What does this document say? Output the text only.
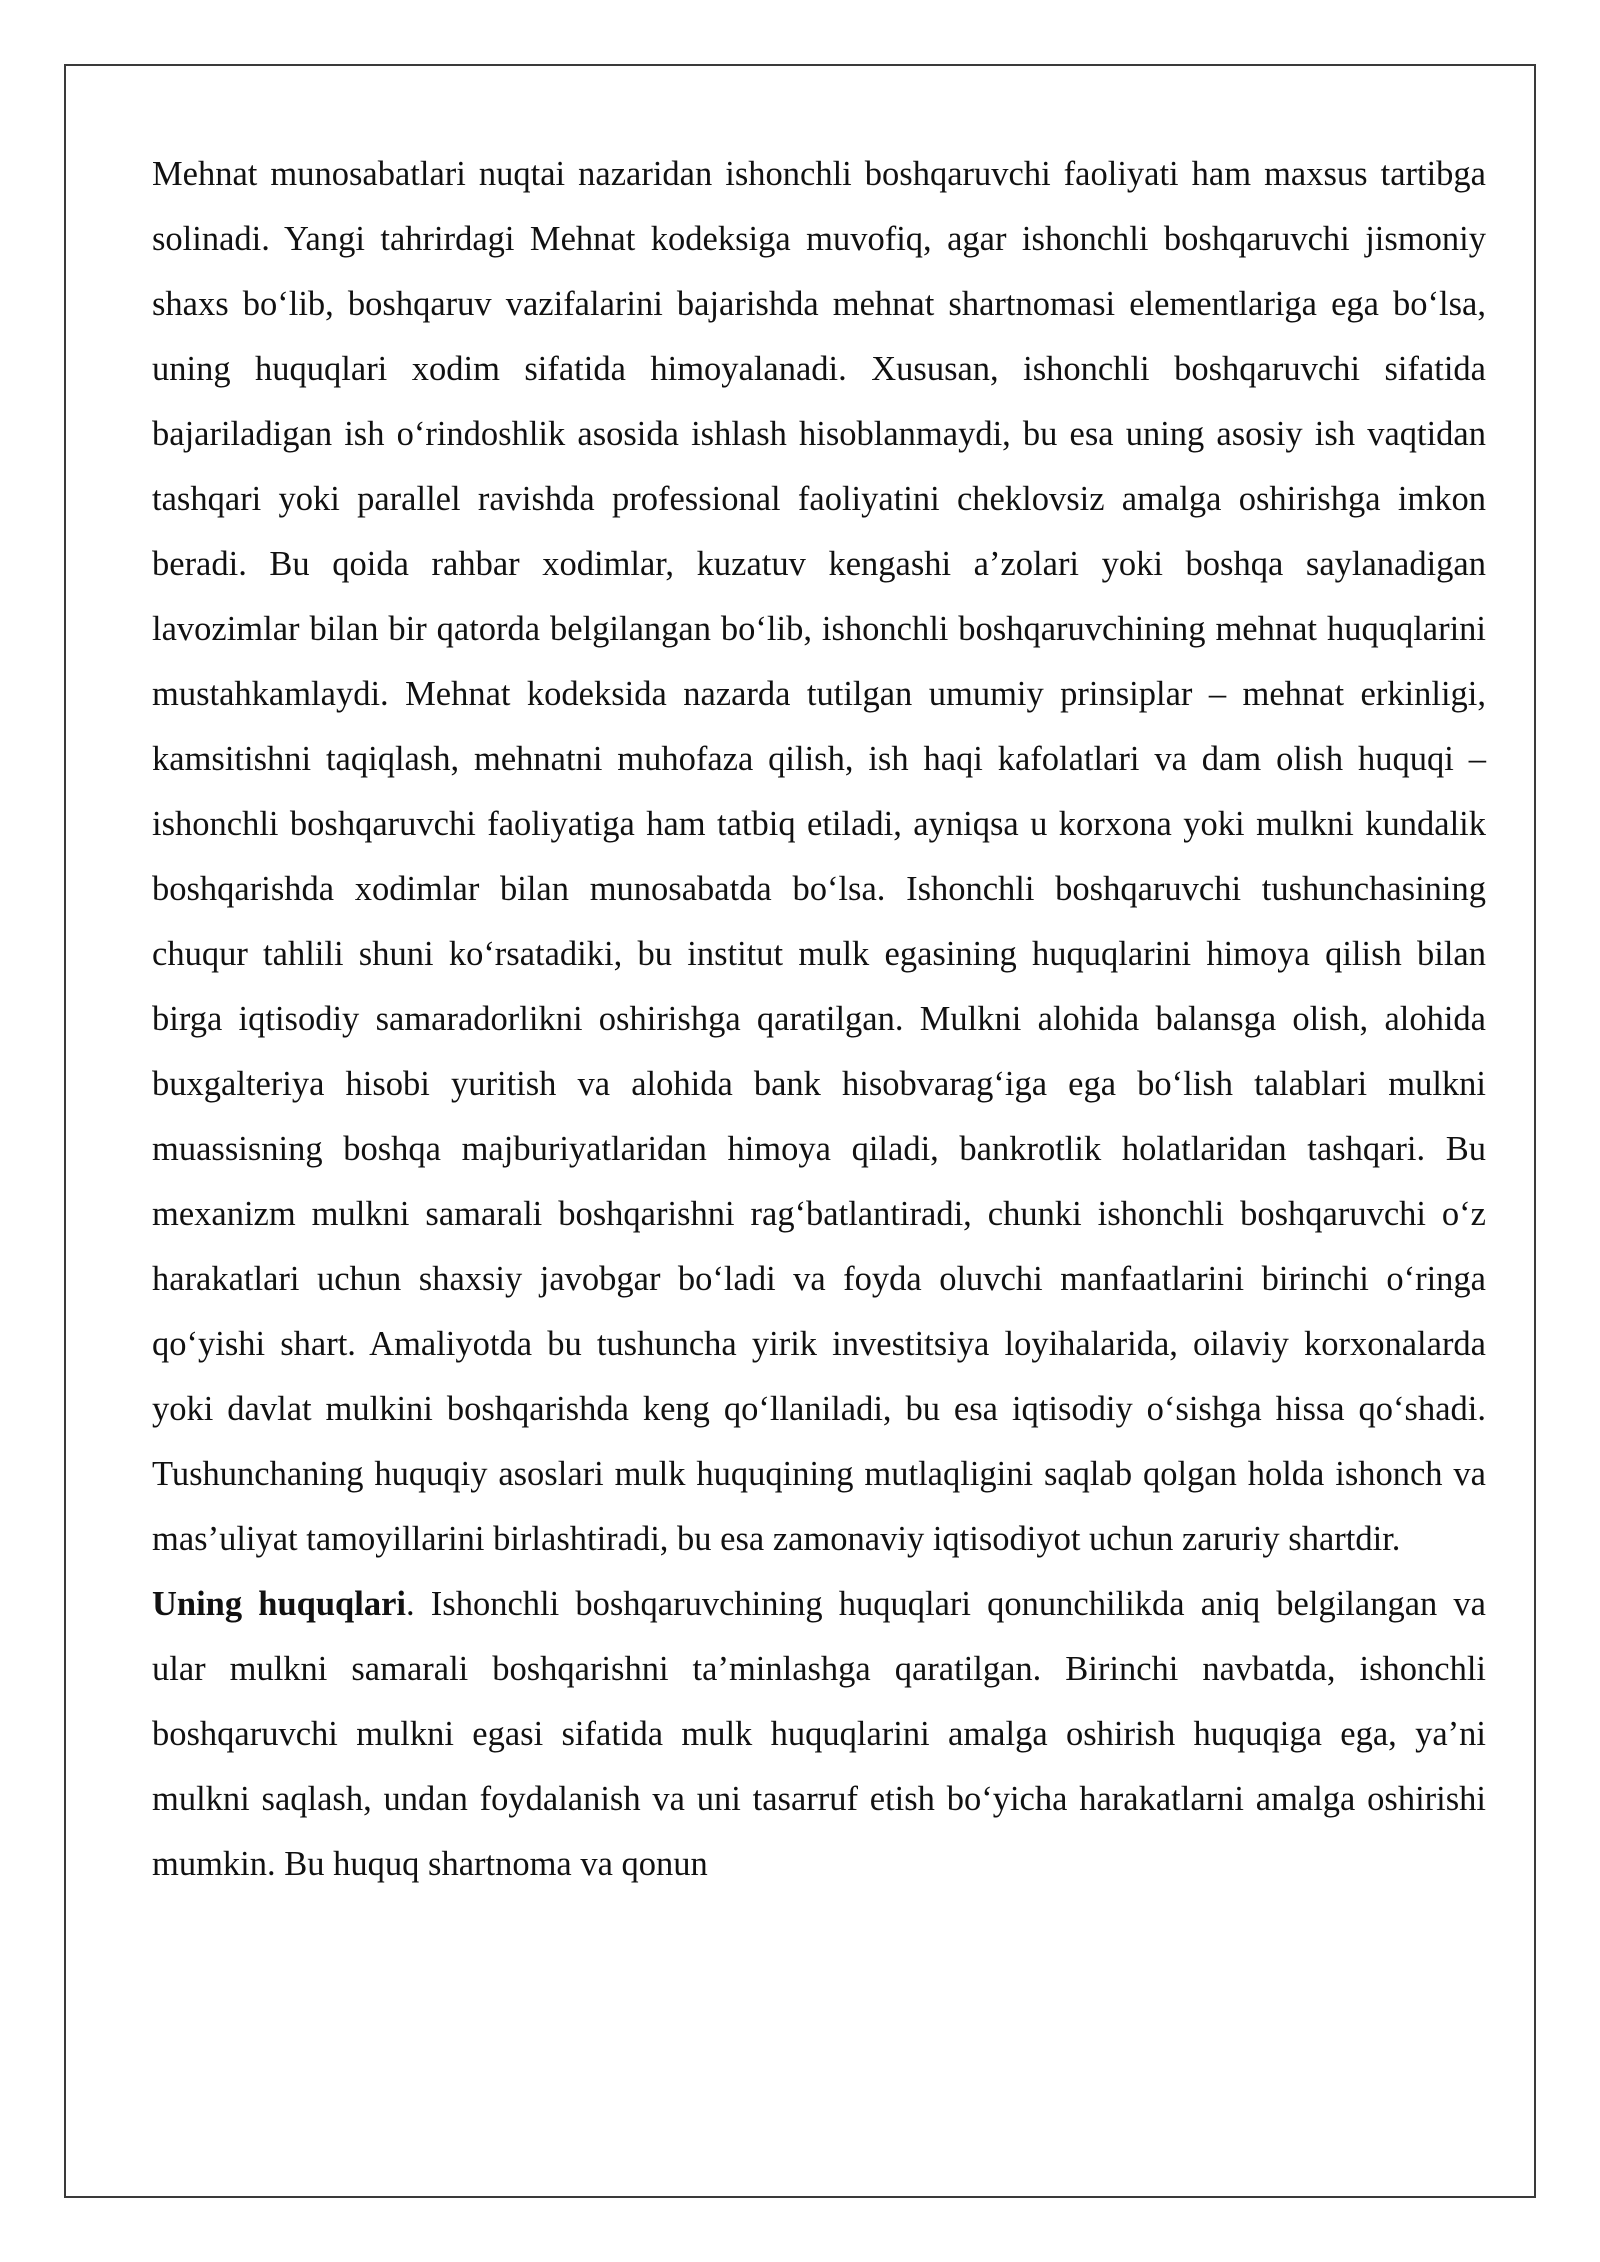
Mehnat munosabatlari nuqtai nazaridan ishonchli boshqaruvchi faoliyati ham maxsus tartibga solinadi. Yangi tahrirdagi Mehnat kodeksiga muvofiq, agar ishonchli boshqaruvchi jismoniy shaxs bo‘lib, boshqaruv vazifalarini bajarishda mehnat shartnomasi elementlariga ega bo‘lsa, uning huquqlari xodim sifatida himoyalanadi. Xususan, ishonchli boshqaruvchi sifatida bajariladigan ish o‘rindoshlik asosida ishlash hisoblanmaydi, bu esa uning asosiy ish vaqtidan tashqari yoki parallel ravishda professional faoliyatini cheklovsiz amalga oshirishga imkon beradi. Bu qoida rahbar xodimlar, kuzatuv kengashi a’zolari yoki boshqa saylanadigan lavozimlar bilan bir qatorda belgilangan bo‘lib, ishonchli boshqaruvchining mehnat huquqlarini mustahkamlaydi. Mehnat kodeksida nazarda tutilgan umumiy prinsiplar – mehnat erkinligi, kamsitishni taqiqlash, mehnatni muhofaza qilish, ish haqi kafolatlari va dam olish huquqi – ishonchli boshqaruvchi faoliyatiga ham tatbiq etiladi, ayniqsa u korxona yoki mulkni kundalik boshqarishda xodimlar bilan munosabatda bo‘lsa. Ishonchli boshqaruvchi tushunchasining chuqur tahlili shuni ko‘rsatadiki, bu institut mulk egasining huquqlarini himoya qilish bilan birga iqtisodiy samaradorlikni oshirishga qaratilgan. Mulkni alohida balansga olish, alohida buxgalteriya hisobi yuritish va alohida bank hisobvarag‘iga ega bo‘lish talablari mulkni muassisning boshqa majburiyatlaridan himoya qiladi, bankrotlik holatlaridan tashqari. Bu mexanizm mulkni samarali boshqarishni rag‘batlantiradi, chunki ishonchli boshqaruvchi o‘z harakatlari uchun shaxsiy javobgar bo‘ladi va foyda oluvchi manfaatlarini birinchi o‘ringa qo‘yishi shart. Amaliyotda bu tushuncha yirik investitsiya loyihalarida, oilaviy korxonalarda yoki davlat mulkini boshqarishda keng qo‘llaniladi, bu esa iqtisodiy o‘sishga hissa qo‘shadi. Tushunchaning huquqiy asoslari mulk huquqining mutlaqligini saqlab qolgan holda ishonch va mas’uliyat tamoyillarini birlashtiradi, bu esa zamonaviy iqtisodiyot uchun zaruriy shartdir.

Uning huquqlari. Ishonchli boshqaruvchining huquqlari qonunchilikda aniq belgilangan va ular mulkni samarali boshqarishni ta’minlashga qaratilgan. Birinchi navbatda, ishonchli boshqaruvchi mulkni egasi sifatida mulk huquqlarini amalga oshirish huquqiga ega, ya’ni mulkni saqlash, undan foydalanish va uni tasarruf etish bo‘yicha harakatlarni amalga oshirishi mumkin. Bu huquq shartnoma va qonun
